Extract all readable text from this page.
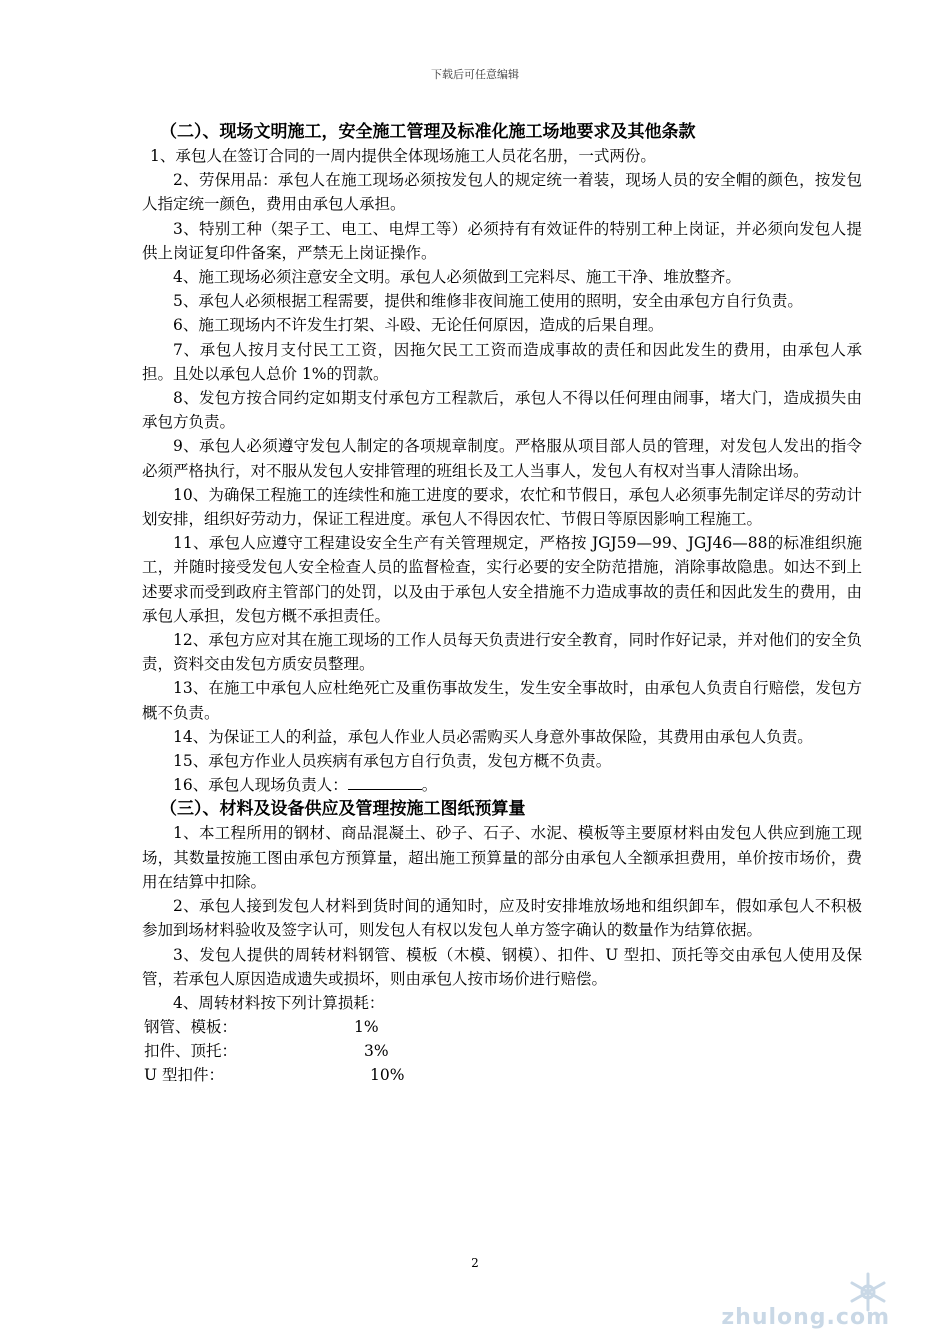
下载后可任意编辑
（二）、现场文明施工，安全施工管理及标准化施工场地要求及其他条款

1、承包人在签订合同的一周内提供全体现场施工人员花名册，一式两份。

2、劳保用品：承包人在施工现场必须按发包人的规定统一着装，现场人员的安全帽的颜色，按发包人指定统一颜色，费用由承包人承担。

3、特别工种（架子工、电工、电焊工等）必须持有有效证件的特别工种上岗证，并必须向发包人提供上岗证复印件备案，严禁无上岗证操作。

4、施工现场必须注意安全文明。承包人必须做到工完料尽、施工干净、堆放整齐。

5、承包人必须根据工程需要，提供和维修非夜间施工使用的照明，安全由承包方自行负责。

6、施工现场内不许发生打架、斗殴、无论任何原因，造成的后果自理。

7、承包人按月支付民工工资，因拖欠民工工资而造成事故的责任和因此发生的费用，由承包人承担。且处以承包人总价 1%的罚款。

8、发包方按合同约定如期支付承包方工程款后，承包人不得以任何理由闹事，堵大门，造成损失由承包方负责。

9、承包人必须遵守发包人制定的各项规章制度。严格服从项目部人员的管理，对发包人发出的指令必须严格执行，对不服从发包人安排管理的班组长及工人当事人，发包人有权对当事人清除出场。

10、为确保工程施工的连续性和施工进度的要求，农忙和节假日，承包人必须事先制定详尽的劳动计划安排，组织好劳动力，保证工程进度。承包人不得因农忙、节假日等原因影响工程施工。

11、承包人应遵守工程建设安全生产有关管理规定，严格按 JGJ59—99、JGJ46—88的标准组织施工，并随时接受发包人安全检查人员的监督检查，实行必要的安全防范措施，消除事故隐患。如达不到上述要求而受到政府主管部门的处罚，以及由于承包人安全措施不力造成事故的责任和因此发生的费用，由承包人承担，发包方概不承担责任。

12、承包方应对其在施工现场的工作人员每天负责进行安全教育，同时作好记录，并对他们的安全负责，资料交由发包方质安员整理。

13、在施工中承包人应杜绝死亡及重伤事故发生，发生安全事故时，由承包人负责自行赔偿，发包方概不负责。

14、为保证工人的利益，承包人作业人员必需购买人身意外事故保险，其费用由承包人负责。

15、承包方作业人员疾病有承包方自行负责，发包方概不负责。

16、承包人现场负责人：	。

（三）、材料及设备供应及管理按施工图纸预算量

1、本工程所用的钢材、商品混凝土、砂子、石子、水泥、模板等主要原材料由发包人供应到施工现场，其数量按施工图由承包方预算量，超出施工预算量的部分由承包人全额承担费用，单价按市场价，费用在结算中扣除。

2、承包人接到发包人材料到货时间的通知时，应及时安排堆放场地和组织卸车，假如承包人不积极参加到场材料验收及签字认可，则发包人有权以发包人单方签字确认的数量作为结算依据。

3、发包人提供的周转材料钢管、模板（木模、钢模）、扣件、U 型扣、顶托等交由承包人使用及保管，若承包人原因造成遗失或损坏，则由承包人按市场价进行赔偿。

4、周转材料按下列计算损耗：

钢管、模板：	1%
扣件、顶托：	3%
U 型扣件：	10%
2
zhulong.com
